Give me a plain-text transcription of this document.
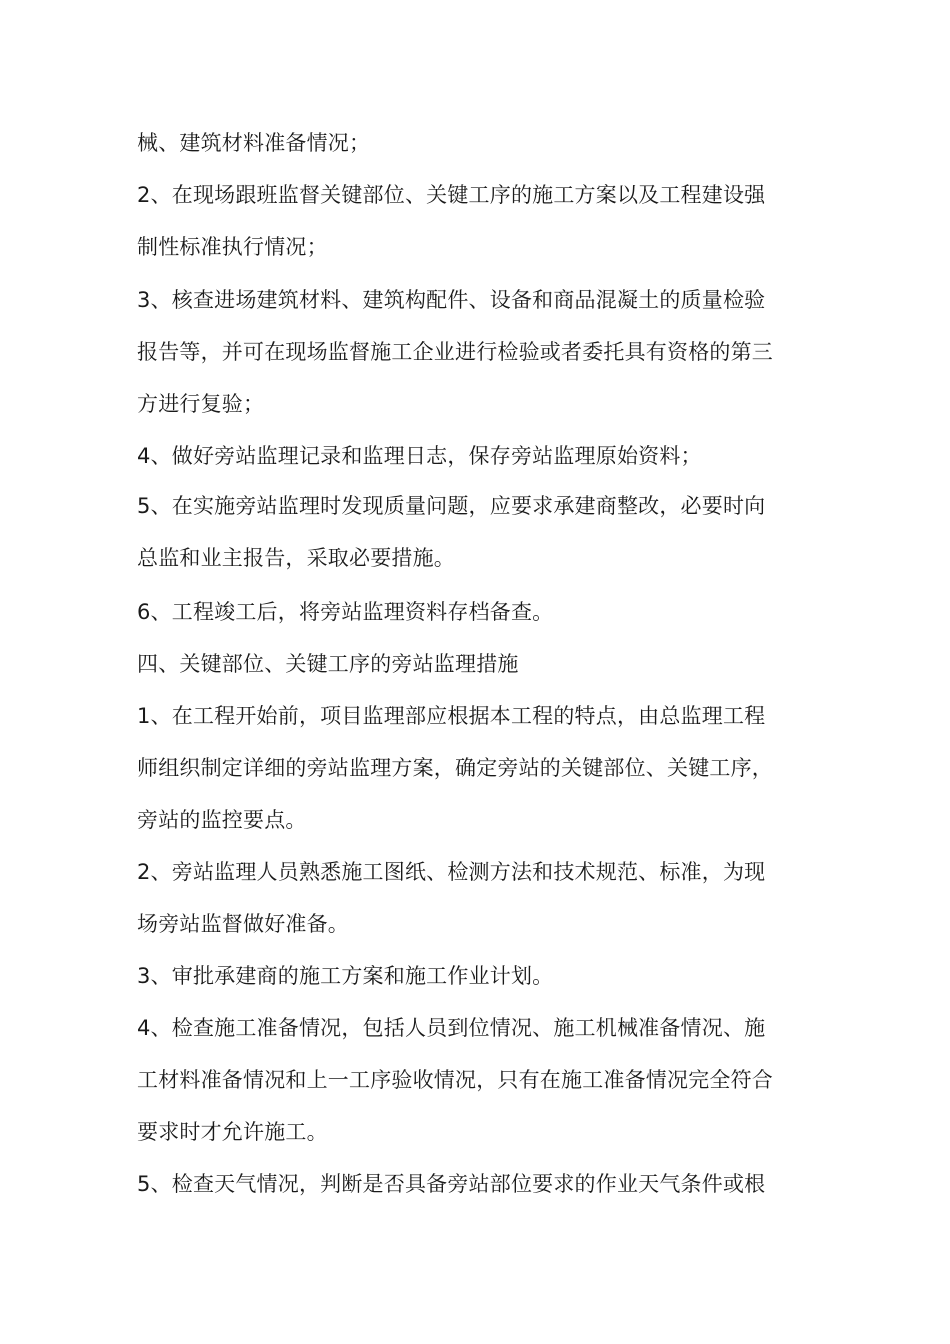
械、建筑材料准备情况；
2、在现场跟班监督关键部位、关键工序的施工方案以及工程建设强
制性标准执行情况；
3、核查进场建筑材料、建筑构配件、设备和商品混凝土的质量检验
报告等，并可在现场监督施工企业进行检验或者委托具有资格的第三
方进行复验；
4、做好旁站监理记录和监理日志，保存旁站监理原始资料；
5、在实施旁站监理时发现质量问题，应要求承建商整改，必要时向
总监和业主报告，采取必要措施。
6、工程竣工后，将旁站监理资料存档备查。
四、关键部位、关键工序的旁站监理措施
1、在工程开始前，项目监理部应根据本工程的特点，由总监理工程
师组织制定详细的旁站监理方案，确定旁站的关键部位、关键工序，
旁站的监控要点。
2、旁站监理人员熟悉施工图纸、检测方法和技术规范、标准，为现
场旁站监督做好准备。
3、审批承建商的施工方案和施工作业计划。
4、检查施工准备情况，包括人员到位情况、施工机械准备情况、施
工材料准备情况和上一工序验收情况，只有在施工准备情况完全符合
要求时才允许施工。
5、检查天气情况，判断是否具备旁站部位要求的作业天气条件或根
